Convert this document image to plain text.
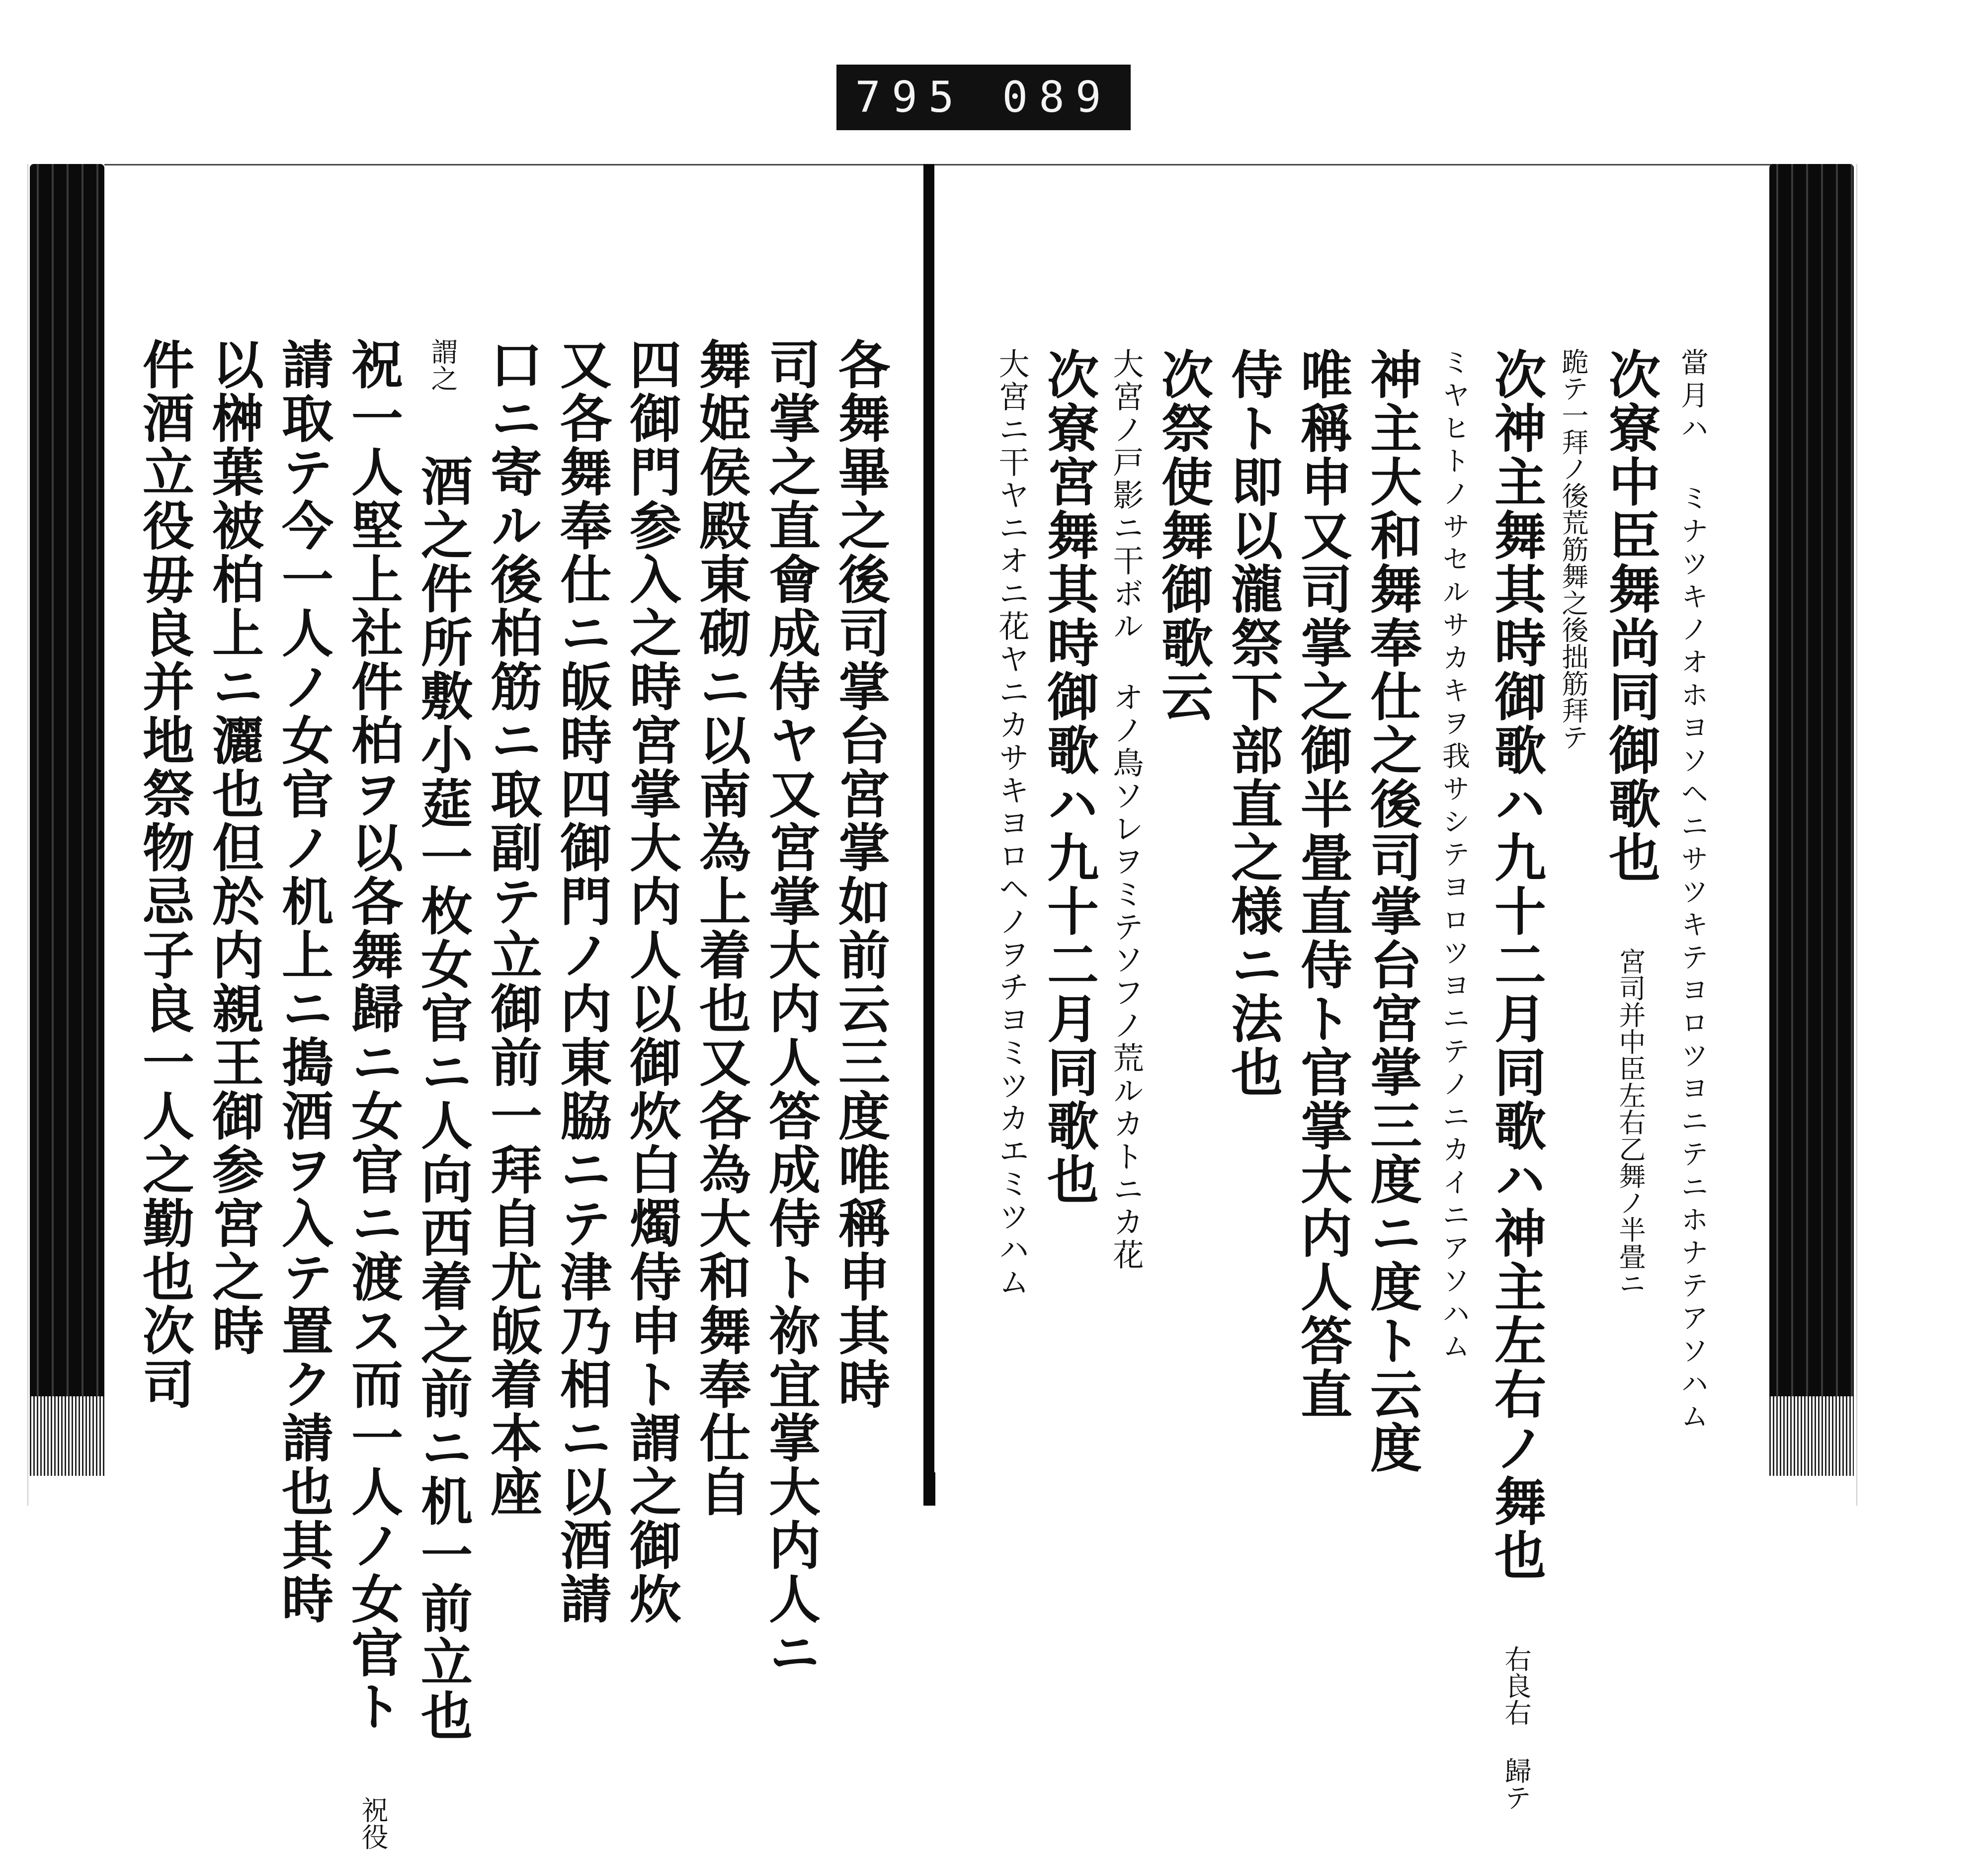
795 089
當月ハ ミナツキノオホヨソヘニサツキテヨロツヨニテニホナテアソハム
次寮中臣舞尚同御歌也 宮司并中臣左右乙舞ノ半畳ニ
跪テ一拜ノ後荒筋舞之後拙筋拜テ
次神主舞其時御歌ハ九十二月同歌ハ神主左右ノ舞也 右良右 歸テ
ミヤヒトノサセルサカキヲ我サシテヨロツヨニテノニカイニアソハム
神主大和舞奉仕之後司掌台宮掌三度ニ度ト云度
唯稱申又司掌之御半畳直侍ト官掌大内人答直
侍ト即以瀧祭下部直之様ニ法也
次祭使舞御歌云
大宮ノ戸影ニ干ボル オノ鳥ソレヲミテソフノ荒ルカトニカ花
次寮宮舞其時御歌ハ九十二月同歌也
大宮ニ干ヤニオニ花ヤニカサキヨロヘノヲチヨミツカエミツハム
各舞畢之後司掌台宮掌如前云三度唯稱申其時
司掌之直會成侍ヤ又宮掌大内人答成侍ト祢宜掌大内人ニ
舞姫侯殿東砌ニ以南為上着也又各為大和舞奉仕自
四御門参入之時宮掌大内人以御炊白燭侍申ト謂之御炊
又各舞奉仕ニ皈時四御門ノ内東脇ニテ津乃相ニ以酒請
口ニ寄ル後柏筋ニ取副テ立御前一拜自尤皈着本座
謂之 酒之件所敷小莚一枚女官ニ人向西着之前ニ机一前立也
祝一人堅上社件柏ヲ以各舞歸ニ女官ニ渡ス而一人ノ女官ト 祝役
請取テ今一人ノ女官ノ机上ニ搗酒ヲ入テ置ク請也其時
以榊葉被柏上ニ灑也但於内親王御参宮之時
件酒立役毋良并地祭物忌子良一人之勤也次司
